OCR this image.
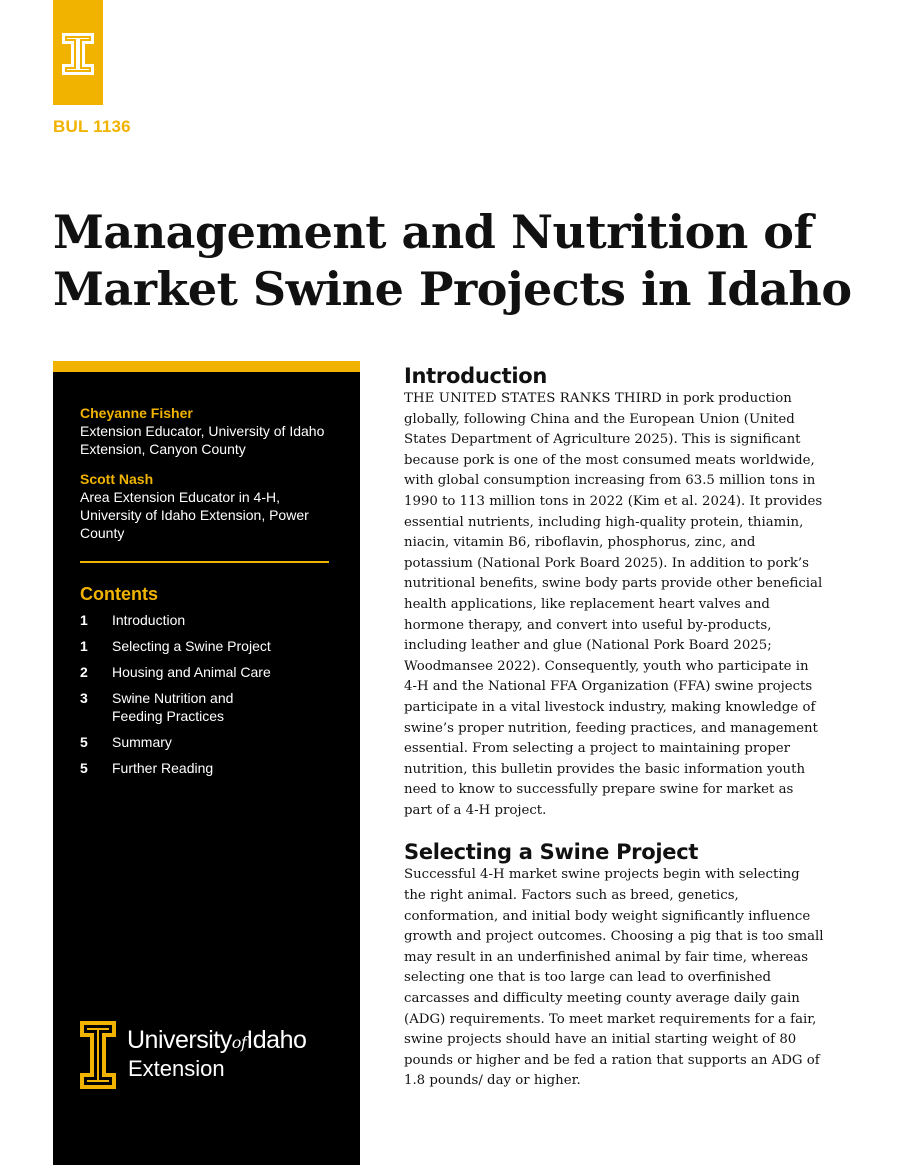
BUL 1136
Management and Nutrition of
Market Swine Projects in Idaho
Cheyanne Fisher
Extension Educator, University of Idaho Extension, Canyon County
Scott Nash
Area Extension Educator in 4-H, University of Idaho Extension, Power County
Contents
1	Introduction
1	Selecting a Swine Project
2	Housing and Animal Care
3	Swine Nutrition and Feeding Practices
5	Summary
5	Further Reading
UniversityofIdaho
Extension
Introduction

THE UNITED STATES RANKS THIRD in pork production globally, following China and the European Union (United States Department of Agriculture 2025). This is significant because pork is one of the most consumed meats worldwide, with global consumption increasing from 63.5 million tons in 1990 to 113 million tons in 2022 (Kim et al. 2024). It provides essential nutrients, including high-quality protein, thiamin, niacin, vitamin B6, riboflavin, phosphorus, zinc, and potassium (National Pork Board 2025). In addition to pork’s nutritional benefits, swine body parts provide other beneficial health applications, like replacement heart valves and hormone therapy, and convert into useful by-products, including leather and glue (National Pork Board 2025; Woodmansee 2022). Consequently, youth who participate in 4-H and the National FFA Organization (FFA) swine projects participate in a vital livestock industry, making knowledge of swine’s proper nutrition, feeding practices, and management essential. From selecting a project to maintaining proper nutrition, this bulletin provides the basic information youth need to know to successfully prepare swine for market as part of a 4-H project.

Selecting a Swine Project

Successful 4-H market swine projects begin with selecting the right animal. Factors such as breed, genetics, conformation, and initial body weight significantly influence growth and project outcomes. Choosing a pig that is too small may result in an underfinished animal by fair time, whereas selecting one that is too large can lead to overfinished carcasses and difficulty meeting county average daily gain (ADG) requirements. To meet market requirements for a fair, swine projects should have an initial starting weight of 80 pounds or higher and be fed a ration that supports an ADG of 1.8 pounds/ day or higher.
